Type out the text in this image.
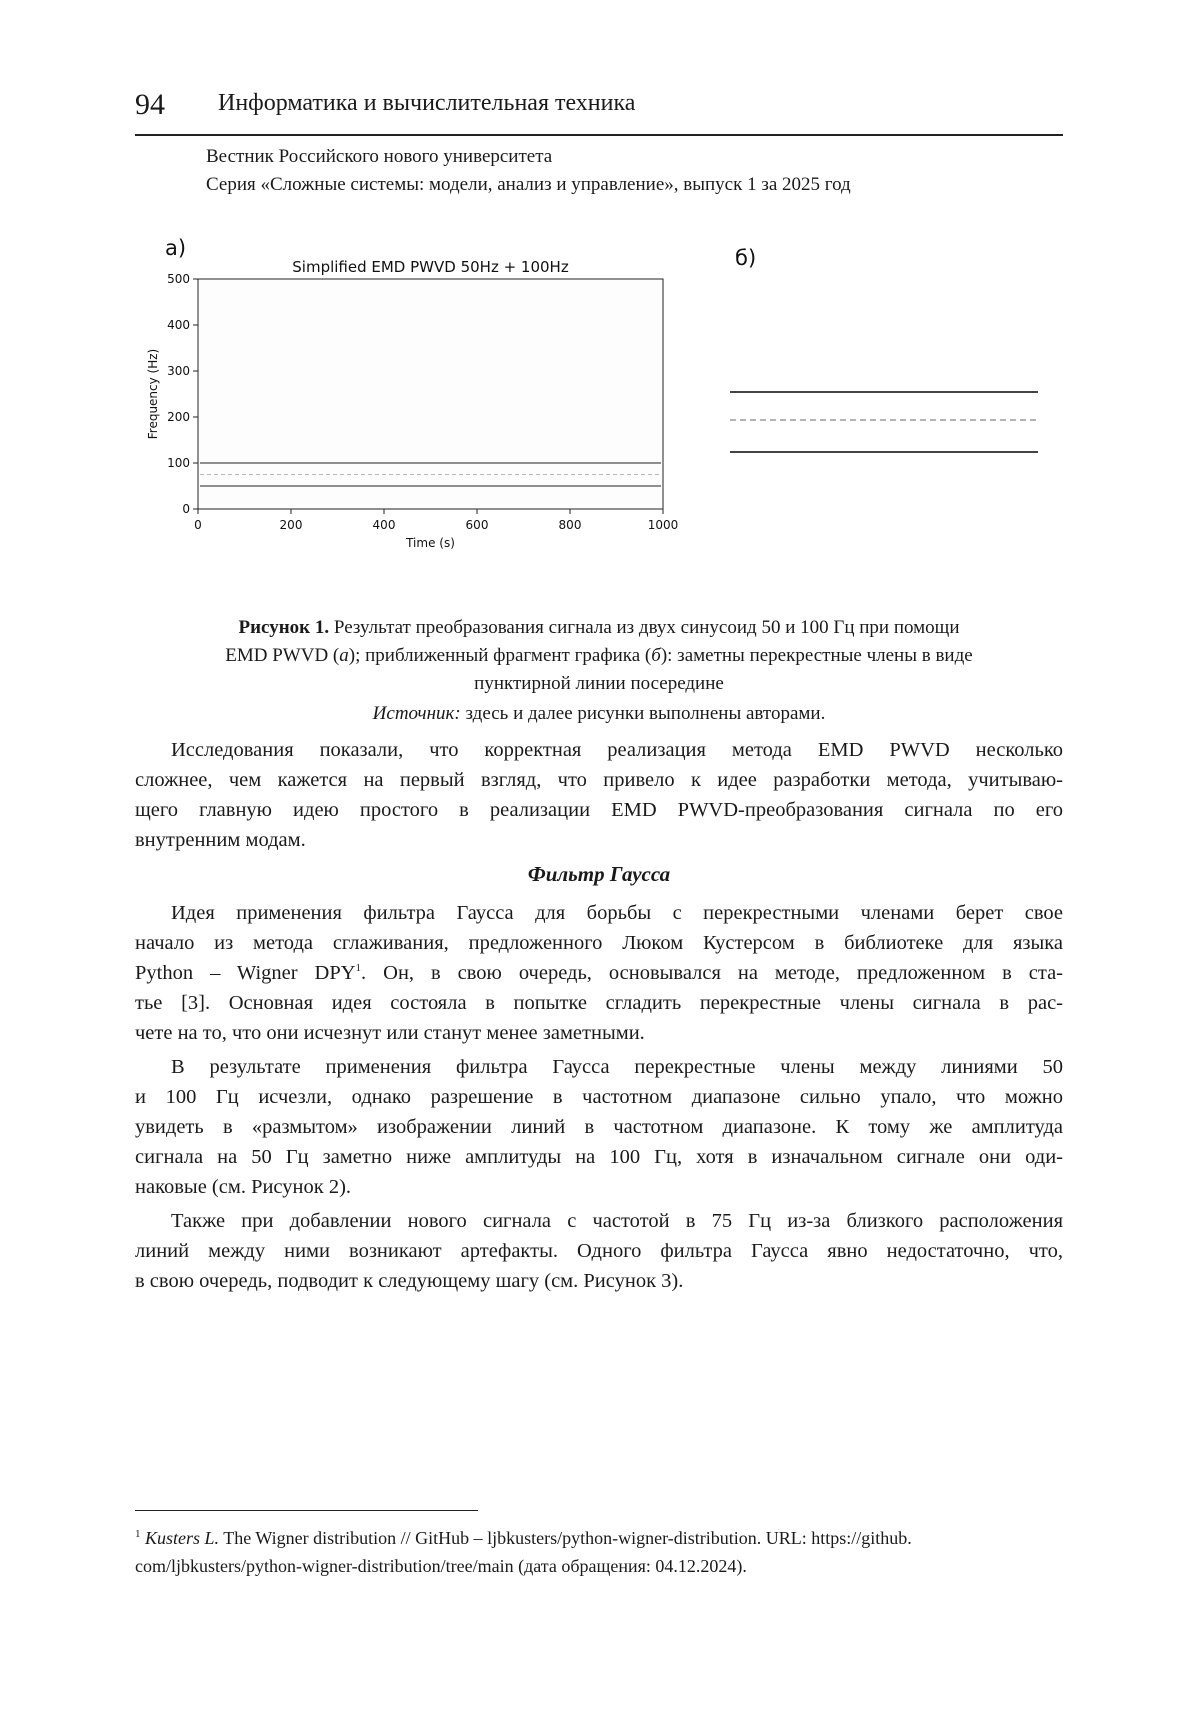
94 Информатика и вычислительная техника
Вестник Российского нового университета
Серия «Сложные системы: модели, анализ и управление», выпуск 1 за 2025 год
а)	б)
Simplified EMD PWVD 50Hz + 100Hz
0	200	400	600	800	1000
0
100
200
300
400
500
Time (s)
Frequency (Hz)
Рисунок 1. Результат преобразования сигнала из двух синусоид 50 и 100 Гц при помощи
EMD PWVD (а); приближенный фрагмент графика (б): заметны перекрестные члены в виде
пунктирной линии посередине
Источник: здесь и далее рисунки выполнены авторами.
Исследования показали, что корректная реализация метода EMD PWVD несколько
сложнее, чем кажется на первый взгляд, что привело к идее разработки метода, учитываю-
щего главную идею простого в реализации EMD PWVD-преобразования сигнала по его
внутренним модам.
Фильтр Гаусса
Идея применения фильтра Гаусса для борьбы с перекрестными членами берет свое
начало из метода сглаживания, предложенного Люком Кустерсом в библиотеке для языка
Python – Wigner DPY$^1$. Он, в свою очередь, основывался на методе, предложенном в ста-
тье [3]. Основная идея состояла в попытке сгладить перекрестные члены сигнала в рас-
чете на то, что они исчезнут или станут менее заметными.
В результате применения фильтра Гаусса перекрестные члены между линиями 50
и 100 Гц исчезли, однако разрешение в частотном диапазоне сильно упало, что можно
увидеть в «размытом» изображении линий в частотном диапазоне. К тому же амплитуда
сигнала на 50 Гц заметно ниже амплитуды на 100 Гц, хотя в изначальном сигнале они оди-
наковые (см. Рисунок 2).
Также при добавлении нового сигнала с частотой в 75 Гц из-за близкого расположения
линий между ними возникают артефакты. Одного фильтра Гаусса явно недостаточно, что,
в свою очередь, подводит к следующему шагу (см. Рисунок 3).
$^1$ Kusters L. The Wigner distribution // GitHub – ljbkusters/python-wigner-distribution. URL: https://github.
com/ljbkusters/python-wigner-distribution/tree/main (дата обращения: 04.12.2024).
